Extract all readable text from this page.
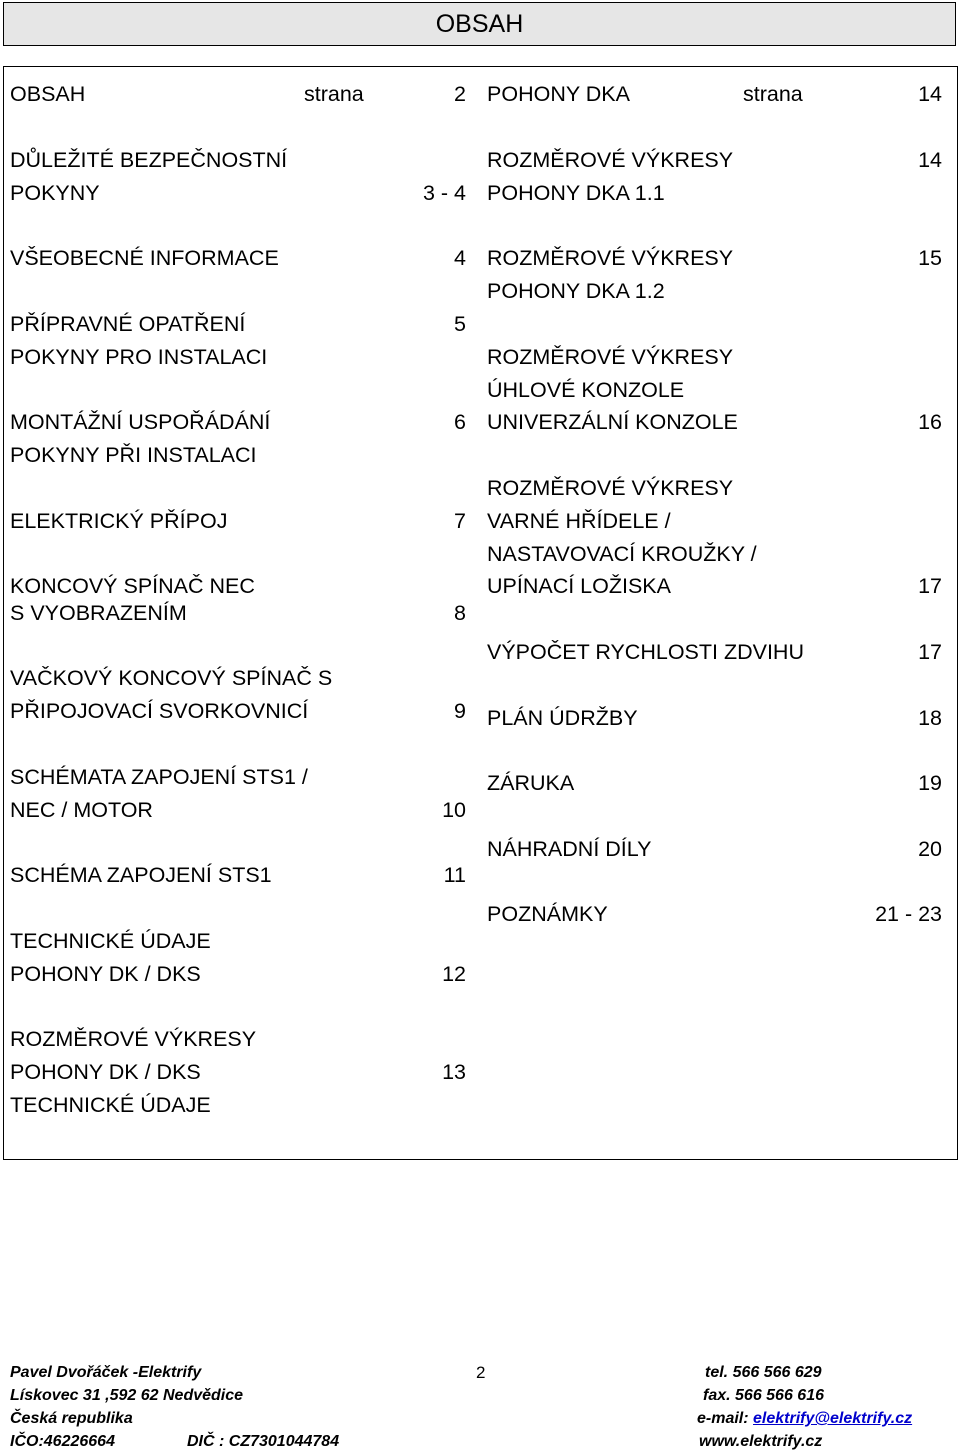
OBSAH
OBSAH	strana	2
DŮLEŽITÉ BEZPEČNOSTNÍ
POKYNY	3 - 4
VŠEOBECNÉ INFORMACE	4
PŘÍPRAVNÉ OPATŘENÍ	5
POKYNY PRO INSTALACI
MONTÁŽNÍ USPOŘÁDÁNÍ	6
POKYNY PŘI INSTALACI
ELEKTRICKÝ PŘÍPOJ	7
KONCOVÝ SPÍNAČ NEC
S VYOBRAZENÍM	8
VAČKOVÝ KONCOVÝ SPÍNAČ S
PŘIPOJOVACÍ SVORKOVNICÍ	9
SCHÉMATA ZAPOJENÍ STS1 /
NEC / MOTOR	10
SCHÉMA ZAPOJENÍ STS1	11
TECHNICKÉ ÚDAJE
POHONY DK / DKS	12
ROZMĚROVÉ VÝKRESY
POHONY DK / DKS	13
TECHNICKÉ ÚDAJE
POHONY DKA	strana	14
ROZMĚROVÉ VÝKRESY	14
POHONY DKA 1.1
ROZMĚROVÉ VÝKRESY	15
POHONY DKA 1.2
ROZMĚROVÉ VÝKRESY
ÚHLOVÉ KONZOLE
UNIVERZÁLNÍ KONZOLE	16
ROZMĚROVÉ VÝKRESY
VARNÉ HŘÍDELE /
NASTAVOVACÍ KROUŽKY /
UPÍNACÍ LOŽISKA	17
VÝPOČET RYCHLOSTI ZDVIHU	17
PLÁN ÚDRŽBY	18
ZÁRUKA	19
NÁHRADNÍ DÍLY	20
POZNÁMKY	21 - 23
Pavel Dvořáček -Elektrify
Lískovec 31 ,592 62 Nedvědice
Česká republika
IČO:46226664	DIČ : CZ7301044784
2	tel. 566 566 629
fax. 566 566 616
e-mail: elektrify@elektrify.cz
www.elektrify.cz
